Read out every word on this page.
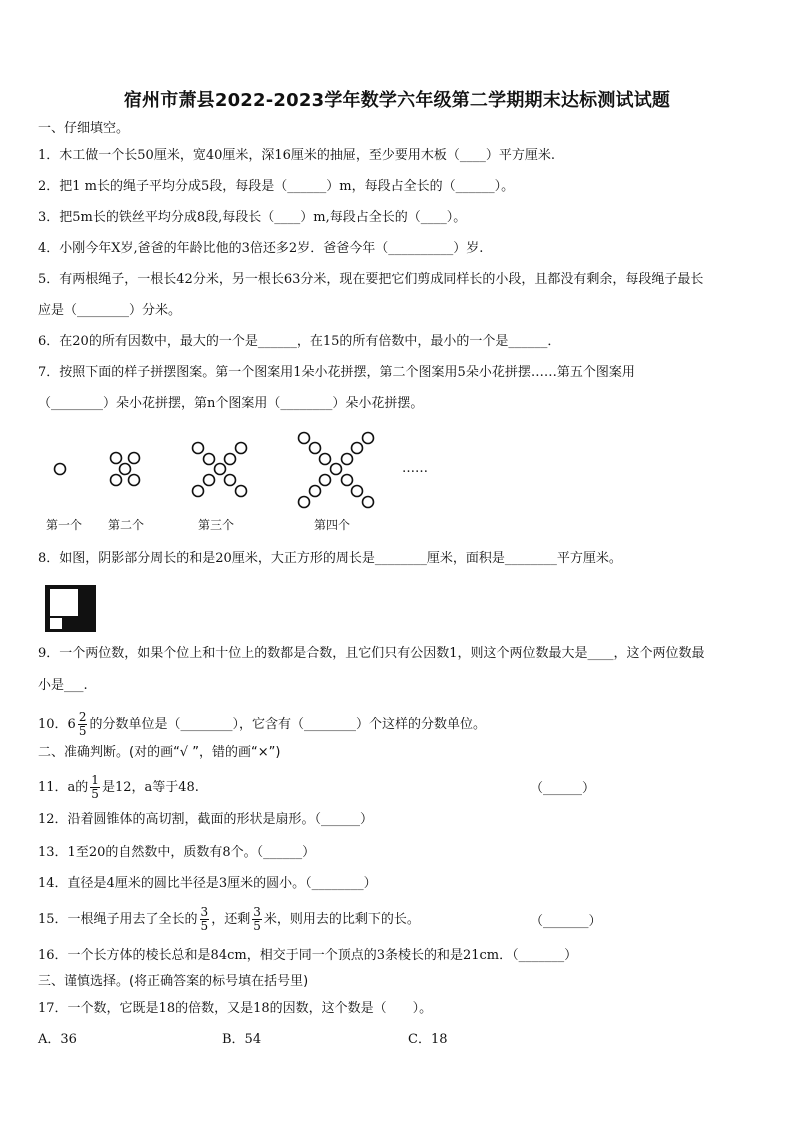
宿州市萧县2022-2023学年数学六年级第二学期期末达标测试试题
一、仔细填空。
1．木工做一个长50厘米，宽40厘米，深16厘米的抽屉，至少要用木板（____）平方厘米.
2．把1 m长的绳子平均分成5段，每段是（______）m，每段占全长的（______）。
3．把5m长的铁丝平均分成8段,每段长（____）m,每段占全长的（____）。
4．小刚今年X岁,爸爸的年龄比他的3倍还多2岁．爸爸今年（__________）岁.
5．有两根绳子，一根长42分米，另一根长63分米，现在要把它们剪成同样长的小段，且都没有剩余，每段绳子最长
应是（________）分米。
6．在20的所有因数中，最大的一个是______，在15的所有倍数中，最小的一个是______．
7．按照下面的样子拼摆图案。第一个图案用1朵小花拼摆，第二个图案用5朵小花拼摆……第五个图案用
（________）朵小花拼摆，第n个图案用（________）朵小花拼摆。
……
第一个 第二个	第三个	第四个
8．如图，阴影部分周长的和是20厘米，大正方形的周长是________厘米，面积是________平方厘米。
9．一个两位数，如果个位上和十位上的数都是合数，且它们只有公因数1，则这个两位数最大是____，这个两位数最
小是___.
10．$6 \frac{2}{5}$ 的分数单位是（________），它含有（________）个这样的分数单位。
二、准确判断。(对的画“√ ”，错的画“×”)
11．a的 $\frac{1}{5}$ 是12，a等于48.	（______）
12．沿着圆锥体的高切割，截面的形状是扇形。（______）
13．1至20的自然数中，质数有8个。（______）
14．直径是4厘米的圆比半径是3厘米的圆小。（________）
15．一根绳子用去了全长的 $\frac{3}{5}$ ，还剩 $\frac{3}{5}$ 米，则用去的比剩下的长。	（_______）
16．一个长方体的棱长总和是84cm，相交于同一个顶点的3条棱长的和是21cm．（_______）
三、谨慎选择。(将正确答案的标号填在括号里)
17．一个数，它既是18的倍数，又是18的因数，这个数是（　　）。
A．36	B．54	C．18
